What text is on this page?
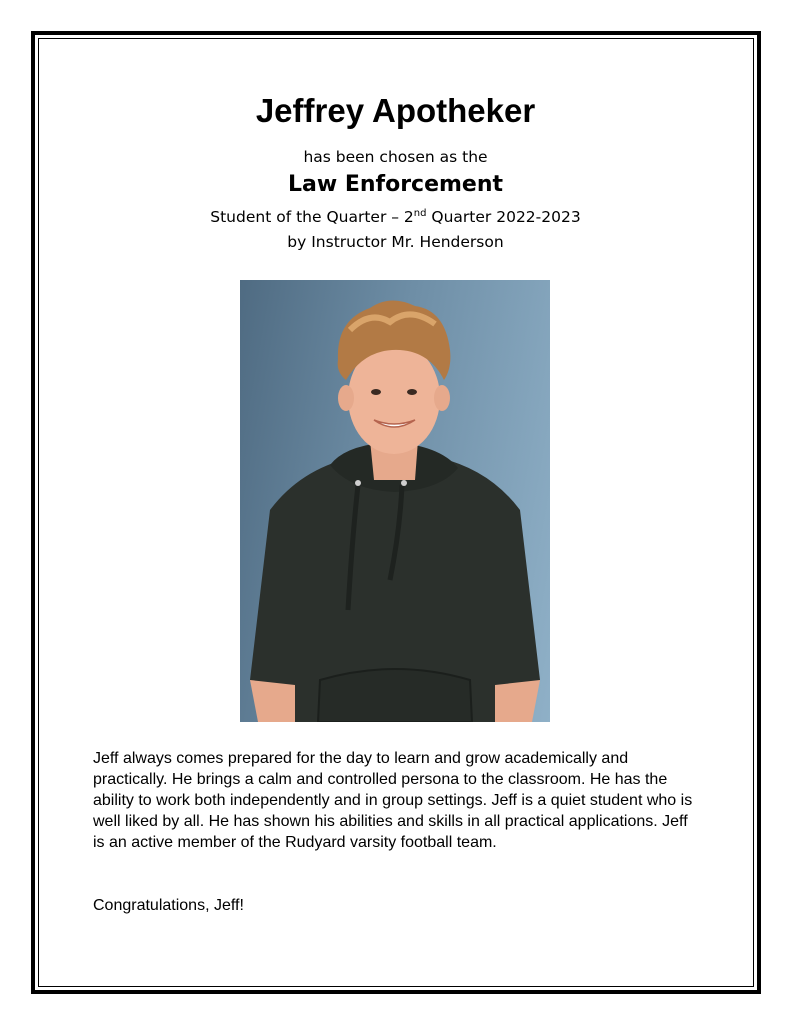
Jeffrey Apotheker
has been chosen as the
Law Enforcement
Student of the Quarter – 2nd Quarter 2022-2023
by Instructor Mr. Henderson

Jeff always comes prepared for the day to learn and grow academically and practically. He brings a calm and controlled persona to the classroom. He has the ability to work both independently and in group settings. Jeff is a quiet student who is well liked by all. He has shown his abilities and skills in all practical applications. Jeff is an active member of the Rudyard varsity football team.

Congratulations, Jeff!
